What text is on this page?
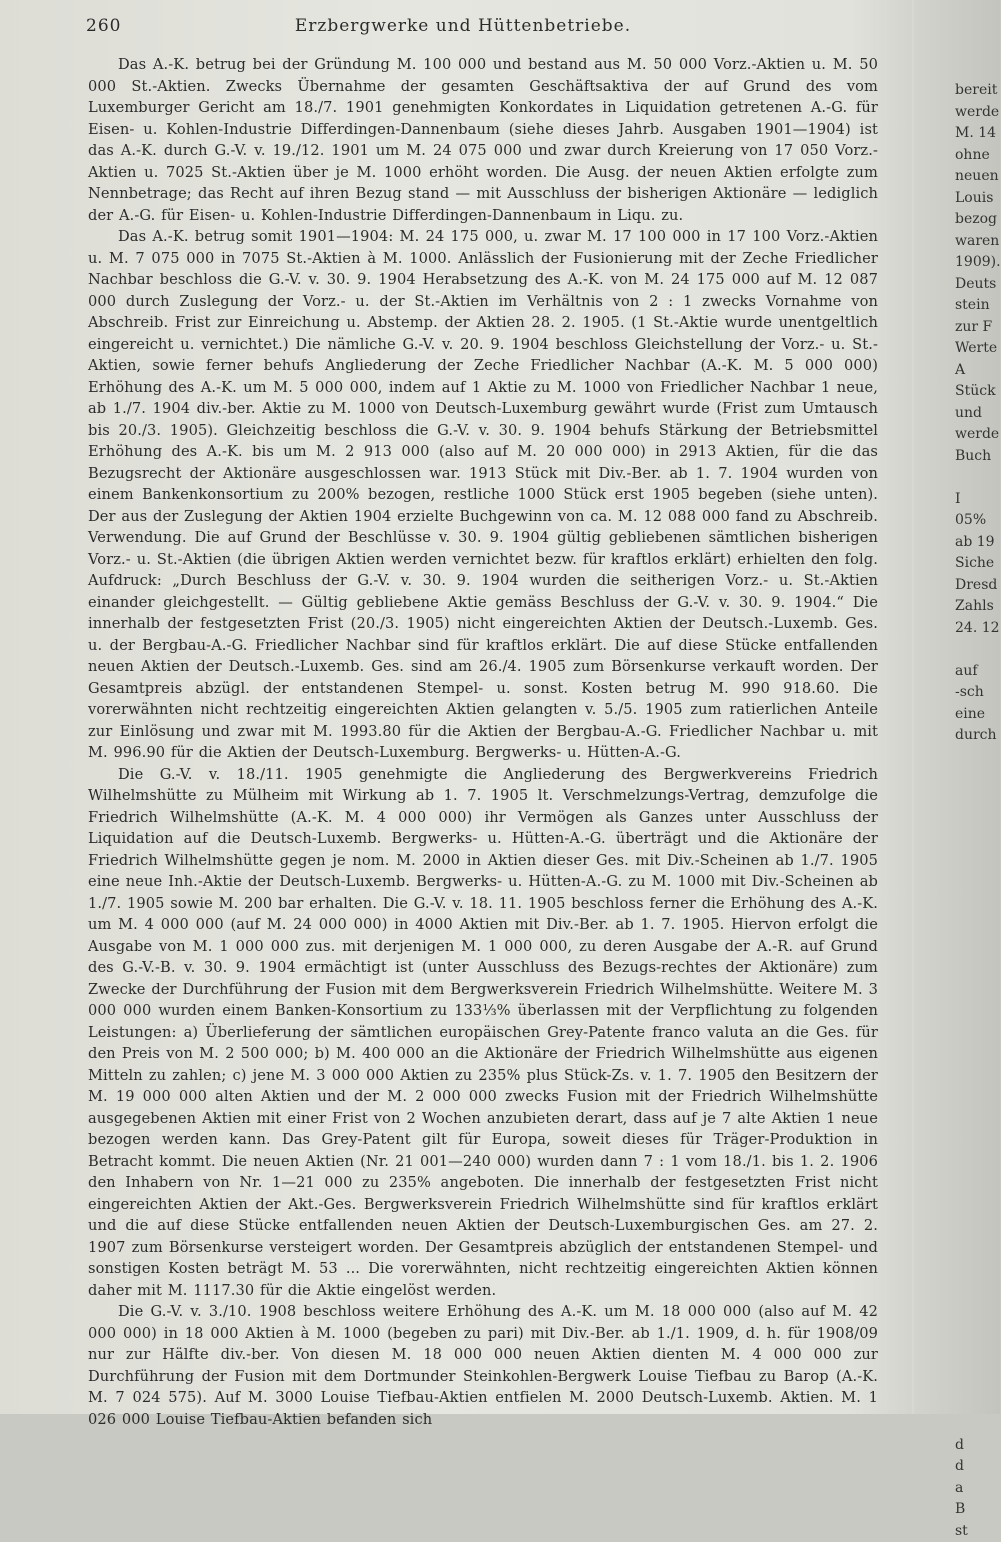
260	Erzbergwerke und Hüttenbetriebe.

Das A.-K. betrug bei der Gründung M. 100 000 und bestand aus M. 50 000 Vorz.-Aktien u. M. 50 000 St.-Aktien. Zwecks Übernahme der gesamten Geschäftsaktiva der auf Grund des vom Luxemburger Gericht am 18./7. 1901 genehmigten Konkordates in Liquidation getretenen A.-G. für Eisen- u. Kohlen-Industrie Differdingen-Dannenbaum (siehe dieses Jahrb. Ausgaben 1901—1904) ist das A.-K. durch G.-V. v. 19./12. 1901 um M. 24 075 000 und zwar durch Kreierung von 17 050 Vorz.-Aktien u. 7025 St.-Aktien über je M. 1000 erhöht worden. Die Ausg. der neuen Aktien erfolgte zum Nennbetrage; das Recht auf ihren Bezug stand — mit Ausschluss der bisherigen Aktionäre — lediglich der A.-G. für Eisen- u. Kohlen-Industrie Differdingen-Dannenbaum in Liqu. zu.

Das A.-K. betrug somit 1901—1904: M. 24 175 000, u. zwar M. 17 100 000 in 17 100 Vorz.-Aktien u. M. 7 075 000 in 7075 St.-Aktien à M. 1000. Anlässlich der Fusionierung mit der Zeche Friedlicher Nachbar beschloss die G.-V. v. 30. 9. 1904 Herabsetzung des A.-K. von M. 24 175 000 auf M. 12 087 000 durch Zuslegung der Vorz.- u. der St.-Aktien im Verhältnis von 2 : 1 zwecks Vornahme von Abschreib. Frist zur Einreichung u. Abstemp. der Aktien 28. 2. 1905. (1 St.-Aktie wurde unentgeltlich eingereicht u. vernichtet.) Die nämliche G.-V. v. 20. 9. 1904 beschloss Gleichstellung der Vorz.- u. St.-Aktien, sowie ferner behufs Angliederung der Zeche Friedlicher Nachbar (A.-K. M. 5 000 000) Erhöhung des A.-K. um M. 5 000 000, indem auf 1 Aktie zu M. 1000 von Friedlicher Nachbar 1 neue, ab 1./7. 1904 div.-ber. Aktie zu M. 1000 von Deutsch-Luxemburg gewährt wurde (Frist zum Umtausch bis 20./3. 1905). Gleichzeitig beschloss die G.-V. v. 30. 9. 1904 behufs Stärkung der Betriebsmittel Erhöhung des A.-K. bis um M. 2 913 000 (also auf M. 20 000 000) in 2913 Aktien, für die das Bezugsrecht der Aktionäre ausgeschlossen war. 1913 Stück mit Div.-Ber. ab 1. 7. 1904 wurden von einem Bankenkonsortium zu 200% bezogen, restliche 1000 Stück erst 1905 begeben (siehe unten). Der aus der Zuslegung der Aktien 1904 erzielte Buchgewinn von ca. M. 12 088 000 fand zu Abschreib. Verwendung. Die auf Grund der Beschlüsse v. 30. 9. 1904 gültig gebliebenen sämtlichen bisherigen Vorz.- u. St.-Aktien (die übrigen Aktien werden vernichtet bezw. für kraftlos erklärt) erhielten den folg. Aufdruck: „Durch Beschluss der G.-V. v. 30. 9. 1904 wurden die seitherigen Vorz.- u. St.-Aktien einander gleichgestellt. — Gültig gebliebene Aktie gemäss Beschluss der G.-V. v. 30. 9. 1904.“ Die innerhalb der festgesetzten Frist (20./3. 1905) nicht eingereichten Aktien der Deutsch.-Luxemb. Ges. u. der Bergbau-A.-G. Friedlicher Nachbar sind für kraftlos erklärt. Die auf diese Stücke entfallenden neuen Aktien der Deutsch.-Luxemb. Ges. sind am 26./4. 1905 zum Börsenkurse verkauft worden. Der Gesamtpreis abzügl. der entstandenen Stempel- u. sonst. Kosten betrug M. 990 918.60. Die vorerwähnten nicht rechtzeitig eingereichten Aktien gelangten v. 5./5. 1905 zum ratierlichen Anteile zur Einlösung und zwar mit M. 1993.80 für die Aktien der Bergbau-A.-G. Friedlicher Nachbar u. mit M. 996.90 für die Aktien der Deutsch-Luxemburg. Bergwerks- u. Hütten-A.-G.

Die G.-V. v. 18./11. 1905 genehmigte die Angliederung des Bergwerkvereins Friedrich Wilhelmshütte zu Mülheim mit Wirkung ab 1. 7. 1905 lt. Verschmelzungs-Vertrag, demzufolge die Friedrich Wilhelmshütte (A.-K. M. 4 000 000) ihr Vermögen als Ganzes unter Ausschluss der Liquidation auf die Deutsch-Luxemb. Bergwerks- u. Hütten-A.-G. überträgt und die Aktionäre der Friedrich Wilhelmshütte gegen je nom. M. 2000 in Aktien dieser Ges. mit Div.-Scheinen ab 1./7. 1905 eine neue Inh.-Aktie der Deutsch-Luxemb. Bergwerks- u. Hütten-A.-G. zu M. 1000 mit Div.-Scheinen ab 1./7. 1905 sowie M. 200 bar erhalten. Die G.-V. v. 18. 11. 1905 beschloss ferner die Erhöhung des A.-K. um M. 4 000 000 (auf M. 24 000 000) in 4000 Aktien mit Div.-Ber. ab 1. 7. 1905. Hiervon erfolgt die Ausgabe von M. 1 000 000 zus. mit derjenigen M. 1 000 000, zu deren Ausgabe der A.-R. auf Grund des G.-V.-B. v. 30. 9. 1904 ermächtigt ist (unter Ausschluss des Bezugs-rechtes der Aktionäre) zum Zwecke der Durchführung der Fusion mit dem Bergwerksverein Friedrich Wilhelmshütte. Weitere M. 3 000 000 wurden einem Banken-Konsortium zu 133⅓% überlassen mit der Verpflichtung zu folgenden Leistungen: a) Überlieferung der sämtlichen europäischen Grey-Patente franco valuta an die Ges. für den Preis von M. 2 500 000; b) M. 400 000 an die Aktionäre der Friedrich Wilhelmshütte aus eigenen Mitteln zu zahlen; c) jene M. 3 000 000 Aktien zu 235% plus Stück-Zs. v. 1. 7. 1905 den Besitzern der M. 19 000 000 alten Aktien und der M. 2 000 000 zwecks Fusion mit der Friedrich Wilhelmshütte ausgegebenen Aktien mit einer Frist von 2 Wochen anzubieten derart, dass auf je 7 alte Aktien 1 neue bezogen werden kann. Das Grey-Patent gilt für Europa, soweit dieses für Träger-Produktion in Betracht kommt. Die neuen Aktien (Nr. 21 001—240 000) wurden dann 7 : 1 vom 18./1. bis 1. 2. 1906 den Inhabern von Nr. 1—21 000 zu 235% angeboten. Die innerhalb der festgesetzten Frist nicht eingereichten Aktien der Akt.-Ges. Bergwerksverein Friedrich Wilhelmshütte sind für kraftlos erklärt und die auf diese Stücke entfallenden neuen Aktien der Deutsch-Luxemburgischen Ges. am 27. 2. 1907 zum Börsenkurse versteigert worden. Der Gesamtpreis abzüglich der entstandenen Stempel- und sonstigen Kosten beträgt M. 53 ... Die vorerwähnten, nicht rechtzeitig eingereichten Aktien können daher mit M. 1117.30 für die Aktie eingelöst werden.

Die G.-V. v. 3./10. 1908 beschloss weitere Erhöhung des A.-K. um M. 18 000 000 (also auf M. 42 000 000) in 18 000 Aktien à M. 1000 (begeben zu pari) mit Div.-Ber. ab 1./1. 1909, d. h. für 1908/09 nur zur Hälfte div.-ber. Von diesen M. 18 000 000 neuen Aktien dienten M. 4 000 000 zur Durchführung der Fusion mit dem Dortmunder Steinkohlen-Bergwerk Louise Tiefbau zu Barop (A.-K. M. 7 024 575). Auf M. 3000 Louise Tiefbau-Aktien entfielen M. 2000 Deutsch-Luxemb. Aktien. M. 1 026 000 Louise Tiefbau-Aktien befanden sich

bereit
werde
M. 14
ohne
neuen
Louis
bezog
waren
1909).
Deuts
stein
zur F
Werte
A
Stück
und
werde
Buch

I
05%
ab 19
Siche
Dresd
Zahls
24. 12

auf
-sch
eine
durch

d
d
a
B
st
